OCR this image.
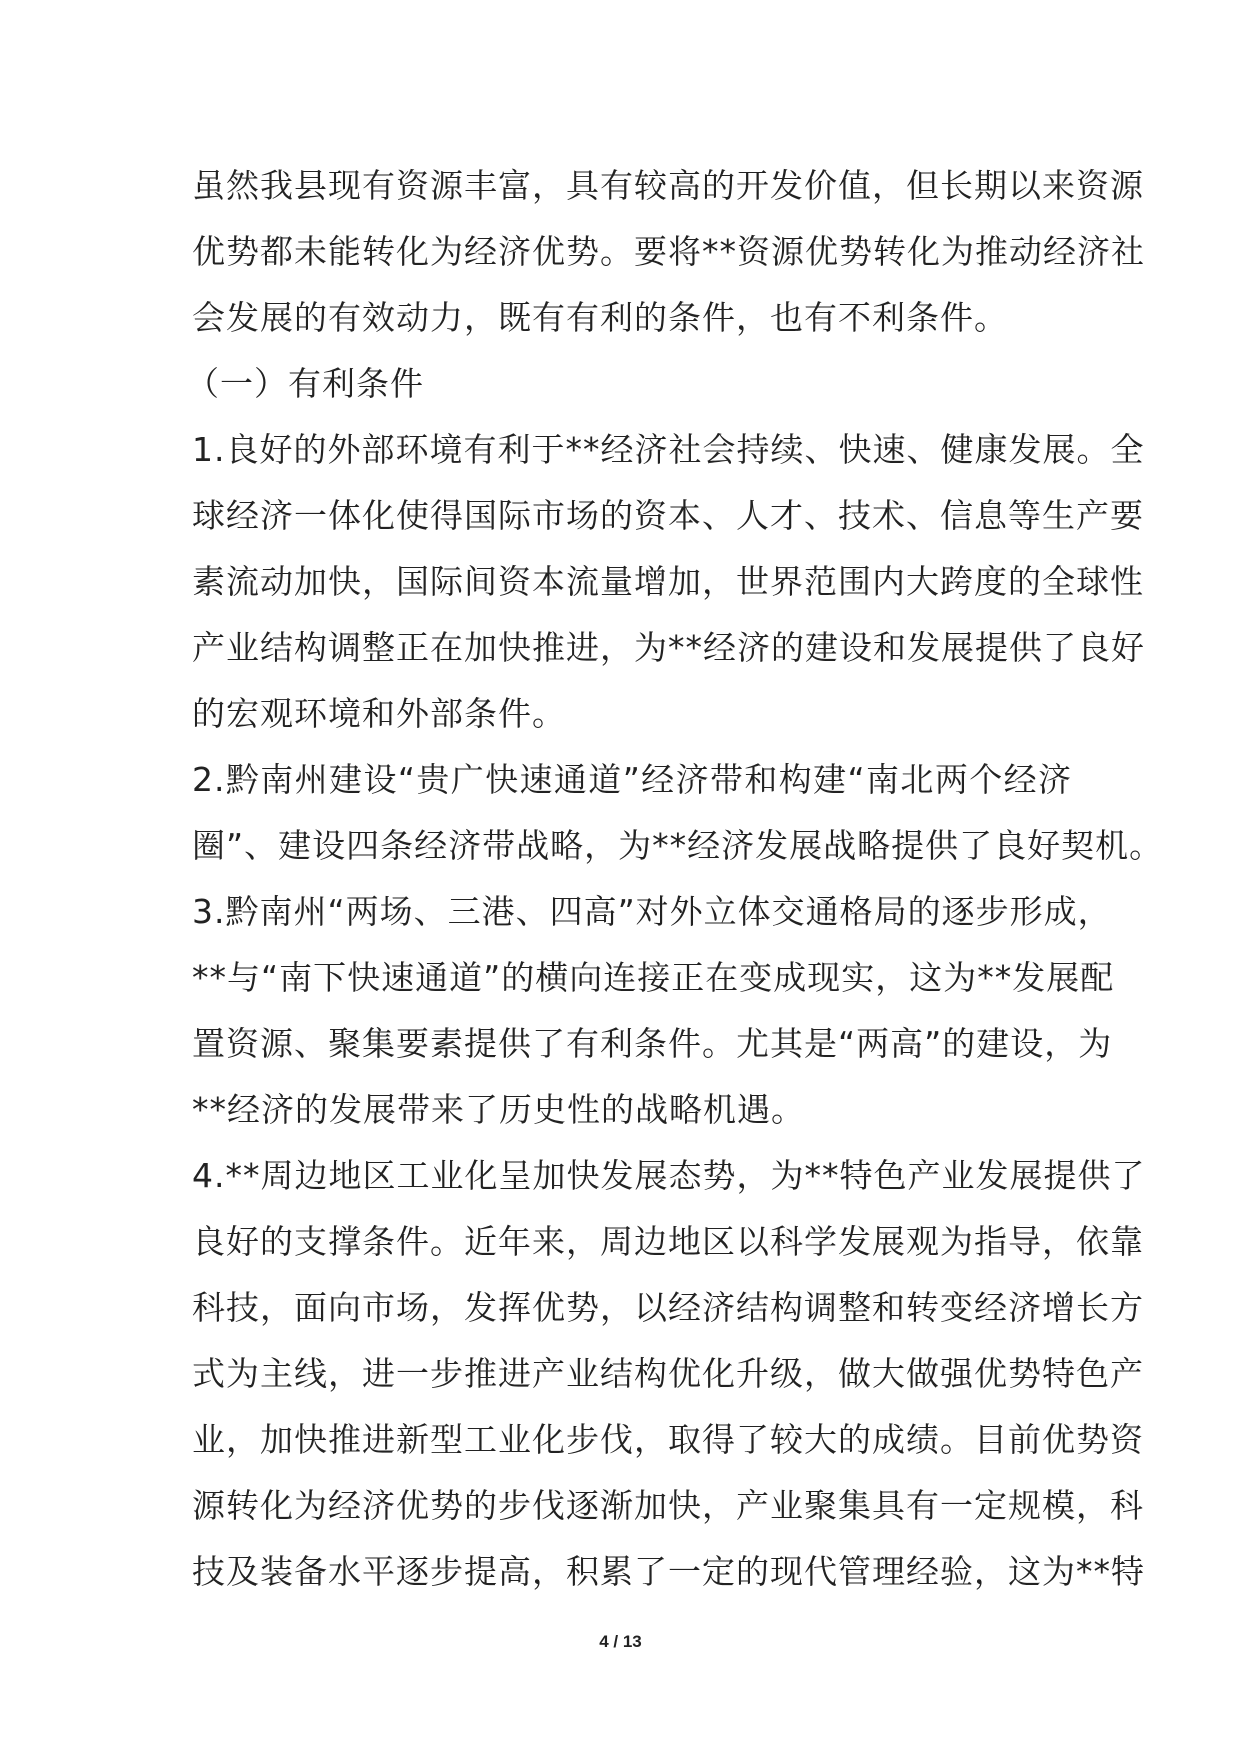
虽然我县现有资源丰富，具有较高的开发价值，但长期以来资源
优势都未能转化为经济优势。要将**资源优势转化为推动经济社
会发展的有效动力，既有有利的条件，也有不利条件。
（一）有利条件
1.良好的外部环境有利于**经济社会持续、快速、健康发展。全
球经济一体化使得国际市场的资本、人才、技术、信息等生产要
素流动加快，国际间资本流量增加，世界范围内大跨度的全球性
产业结构调整正在加快推进，为**经济的建设和发展提供了良好
的宏观环境和外部条件。
2.黔南州建设“贵广快速通道”经济带和构建“南北两个经济
圈”、建设四条经济带战略，为**经济发展战略提供了良好契机。
3.黔南州“两场、三港、四高”对外立体交通格局的逐步形成，
**与“南下快速通道”的横向连接正在变成现实，这为**发展配
置资源、聚集要素提供了有利条件。尤其是“两高”的建设，为
**经济的发展带来了历史性的战略机遇。
4.**周边地区工业化呈加快发展态势，为**特色产业发展提供了
良好的支撑条件。近年来，周边地区以科学发展观为指导，依靠
科技，面向市场，发挥优势，以经济结构调整和转变经济增长方
式为主线，进一步推进产业结构优化升级，做大做强优势特色产
业，加快推进新型工业化步伐，取得了较大的成绩。目前优势资
源转化为经济优势的步伐逐渐加快，产业聚集具有一定规模，科
技及装备水平逐步提高，积累了一定的现代管理经验，这为**特
4 / 13
